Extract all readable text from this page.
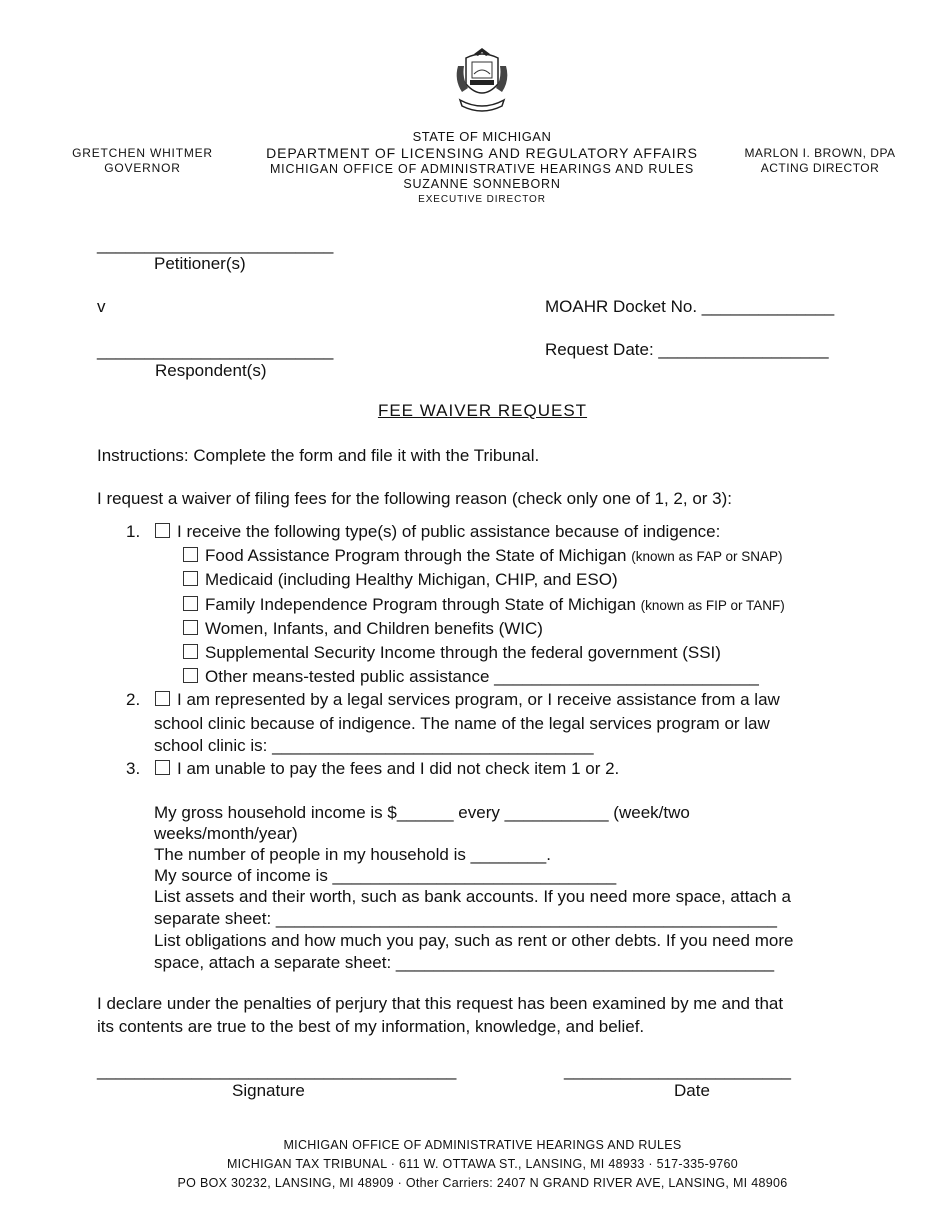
GRETCHEN WHITMER
GOVERNOR
STATE OF MICHIGAN
DEPARTMENT OF LICENSING AND REGULATORY AFFAIRS
MICHIGAN OFFICE OF ADMINISTRATIVE HEARINGS AND RULES
SUZANNE SONNEBORN
EXECUTIVE DIRECTOR
MARLON I. BROWN, DPA
ACTING DIRECTOR
_________________________
Petitioner(s)
v	MOAHR Docket No. ______________
_________________________	Request Date: __________________
Respondent(s)
FEE WAIVER REQUEST
Instructions: Complete the form and file it with the Tribunal.
I request a waiver of filing fees for the following reason (check only one of 1, 2, or 3):
1.	I receive the following type(s) of public assistance because of indigence:
Food Assistance Program through the State of Michigan (known as FAP or SNAP)
Medicaid (including Healthy Michigan, CHIP, and ESO)
Family Independence Program through State of Michigan (known as FIP or TANF)
Women, Infants, and Children benefits (WIC)
Supplemental Security Income through the federal government (SSI)
Other means-tested public assistance ____________________________
2.	I am represented by a legal services program, or I receive assistance from a law
school clinic because of indigence. The name of the legal services program or law
school clinic is: __________________________________
3.	I am unable to pay the fees and I did not check item 1 or 2.
My gross household income is $______ every ___________ (week/two
weeks/month/year)
The number of people in my household is ________.
My source of income is ______________________________
List assets and their worth, such as bank accounts. If you need more space, attach a
separate sheet: _____________________________________________________
List obligations and how much you pay, such as rent or other debts. If you need more
space, attach a separate sheet: ________________________________________
I declare under the penalties of perjury that this request has been examined by me and that
its contents are true to the best of my information, knowledge, and belief.
______________________________________
Signature
________________________
Date
MICHIGAN OFFICE OF ADMINISTRATIVE HEARINGS AND RULES
MICHIGAN TAX TRIBUNAL · 611 W. OTTAWA ST., LANSING, MI 48933 · 517-335-9760
PO BOX 30232, LANSING, MI 48909 · Other Carriers: 2407 N GRAND RIVER AVE, LANSING, MI 48906
